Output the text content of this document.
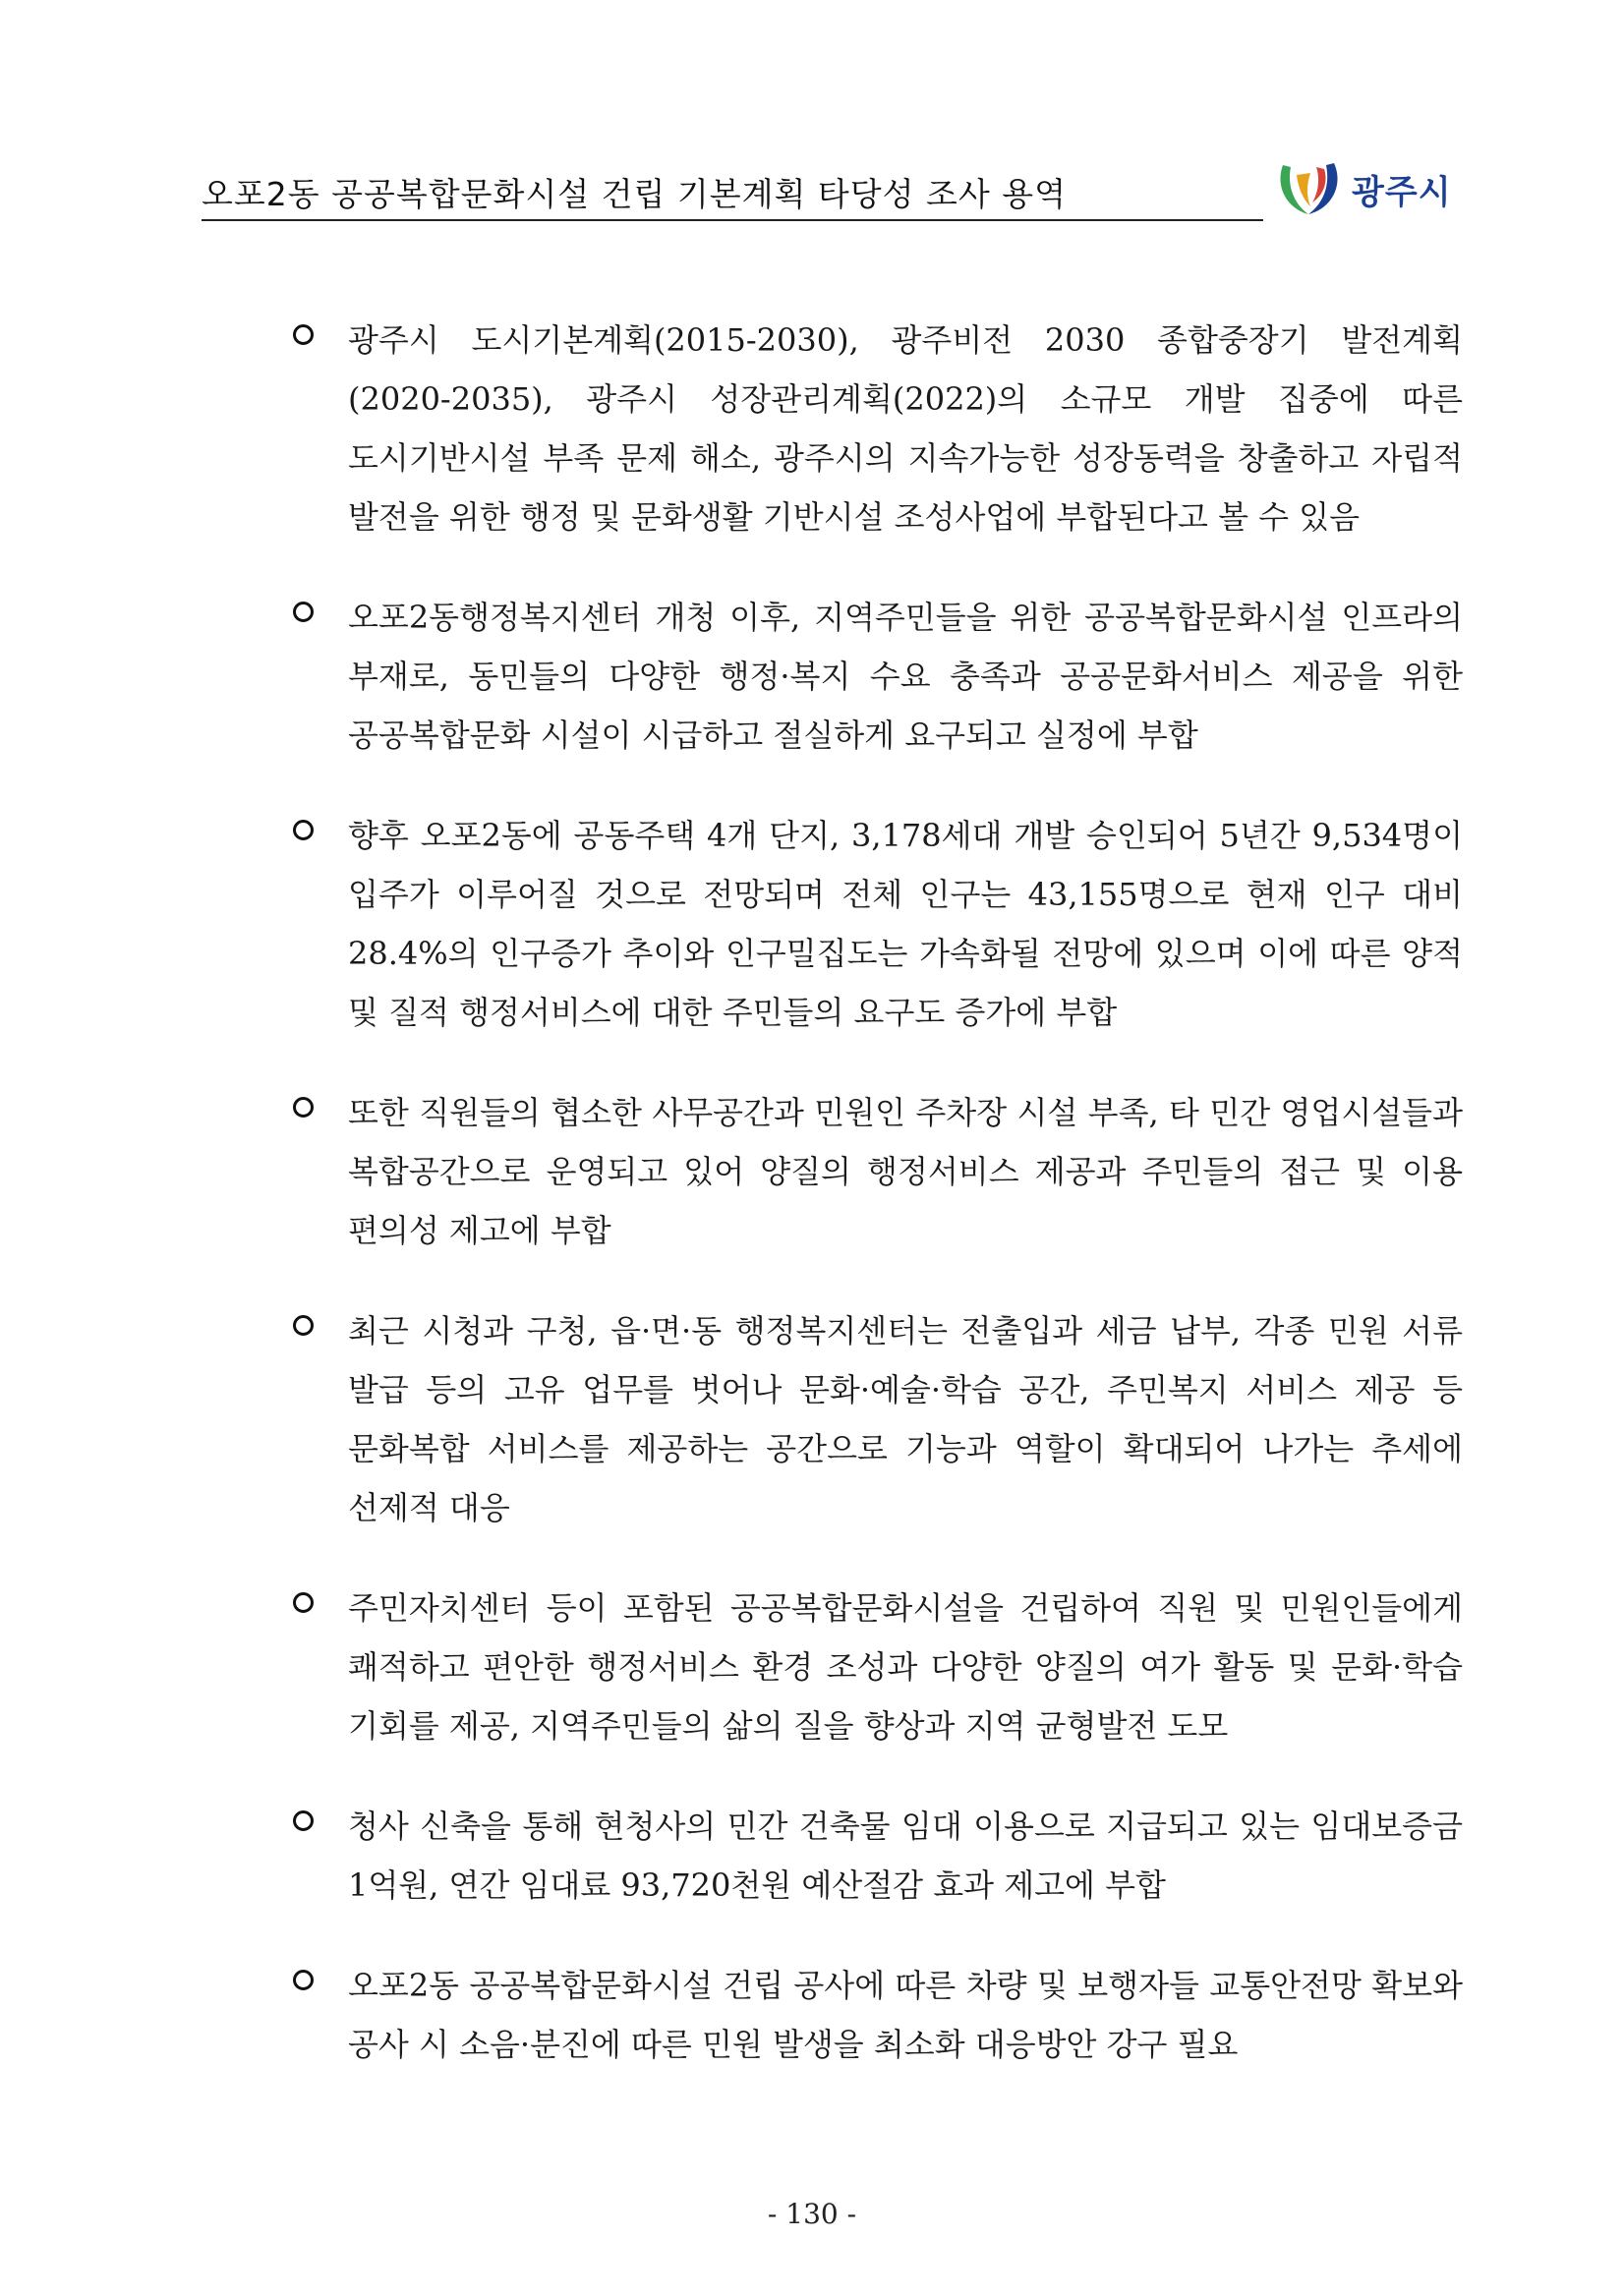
오포2동 공공복합문화시설 건립 기본계획 타당성 조사 용역	광주시
광주시 도시기본계획(2015-2030), 광주비전 2030 종합중장기 발전계획 (2020-2035), 광주시 성장관리계획(2022)의 소규모 개발 집중에 따른 도시기반시설 부족 문제 해소, 광주시의 지속가능한 성장동력을 창출하고 자립적 발전을 위한 행정 및 문화생활 기반시설 조성사업에 부합된다고 볼 수 있음
오포2동행정복지센터 개청 이후, 지역주민들을 위한 공공복합문화시설 인프라의 부재로, 동민들의 다양한 행정·복지 수요 충족과 공공문화서비스 제공을 위한 공공복합문화 시설이 시급하고 절실하게 요구되고 실정에 부합
향후 오포2동에 공동주택 4개 단지, 3,178세대 개발 승인되어 5년간 9,534명이 입주가 이루어질 것으로 전망되며 전체 인구는 43,155명으로 현재 인구 대비 28.4%의 인구증가 추이와 인구밀집도는 가속화될 전망에 있으며 이에 따른 양적 및 질적 행정서비스에 대한 주민들의 요구도 증가에 부합
또한 직원들의 협소한 사무공간과 민원인 주차장 시설 부족, 타 민간 영업시설들과 복합공간으로 운영되고 있어 양질의 행정서비스 제공과 주민들의 접근 및 이용 편의성 제고에 부합
최근 시청과 구청, 읍·면·동 행정복지센터는 전출입과 세금 납부, 각종 민원 서류 발급 등의 고유 업무를 벗어나 문화·예술·학습 공간, 주민복지 서비스 제공 등 문화복합 서비스를 제공하는 공간으로 기능과 역할이 확대되어 나가는 추세에 선제적 대응
주민자치센터 등이 포함된 공공복합문화시설을 건립하여 직원 및 민원인들에게 쾌적하고 편안한 행정서비스 환경 조성과 다양한 양질의 여가 활동 및 문화·학습 기회를 제공, 지역주민들의 삶의 질을 향상과 지역 균형발전 도모
청사 신축을 통해 현청사의 민간 건축물 임대 이용으로 지급되고 있는 임대보증금 1억원, 연간 임대료 93,720천원 예산절감 효과 제고에 부합
오포2동 공공복합문화시설 건립 공사에 따른 차량 및 보행자들 교통안전망 확보와 공사 시 소음·분진에 따른 민원 발생을 최소화 대응방안 강구 필요
- 130 -
